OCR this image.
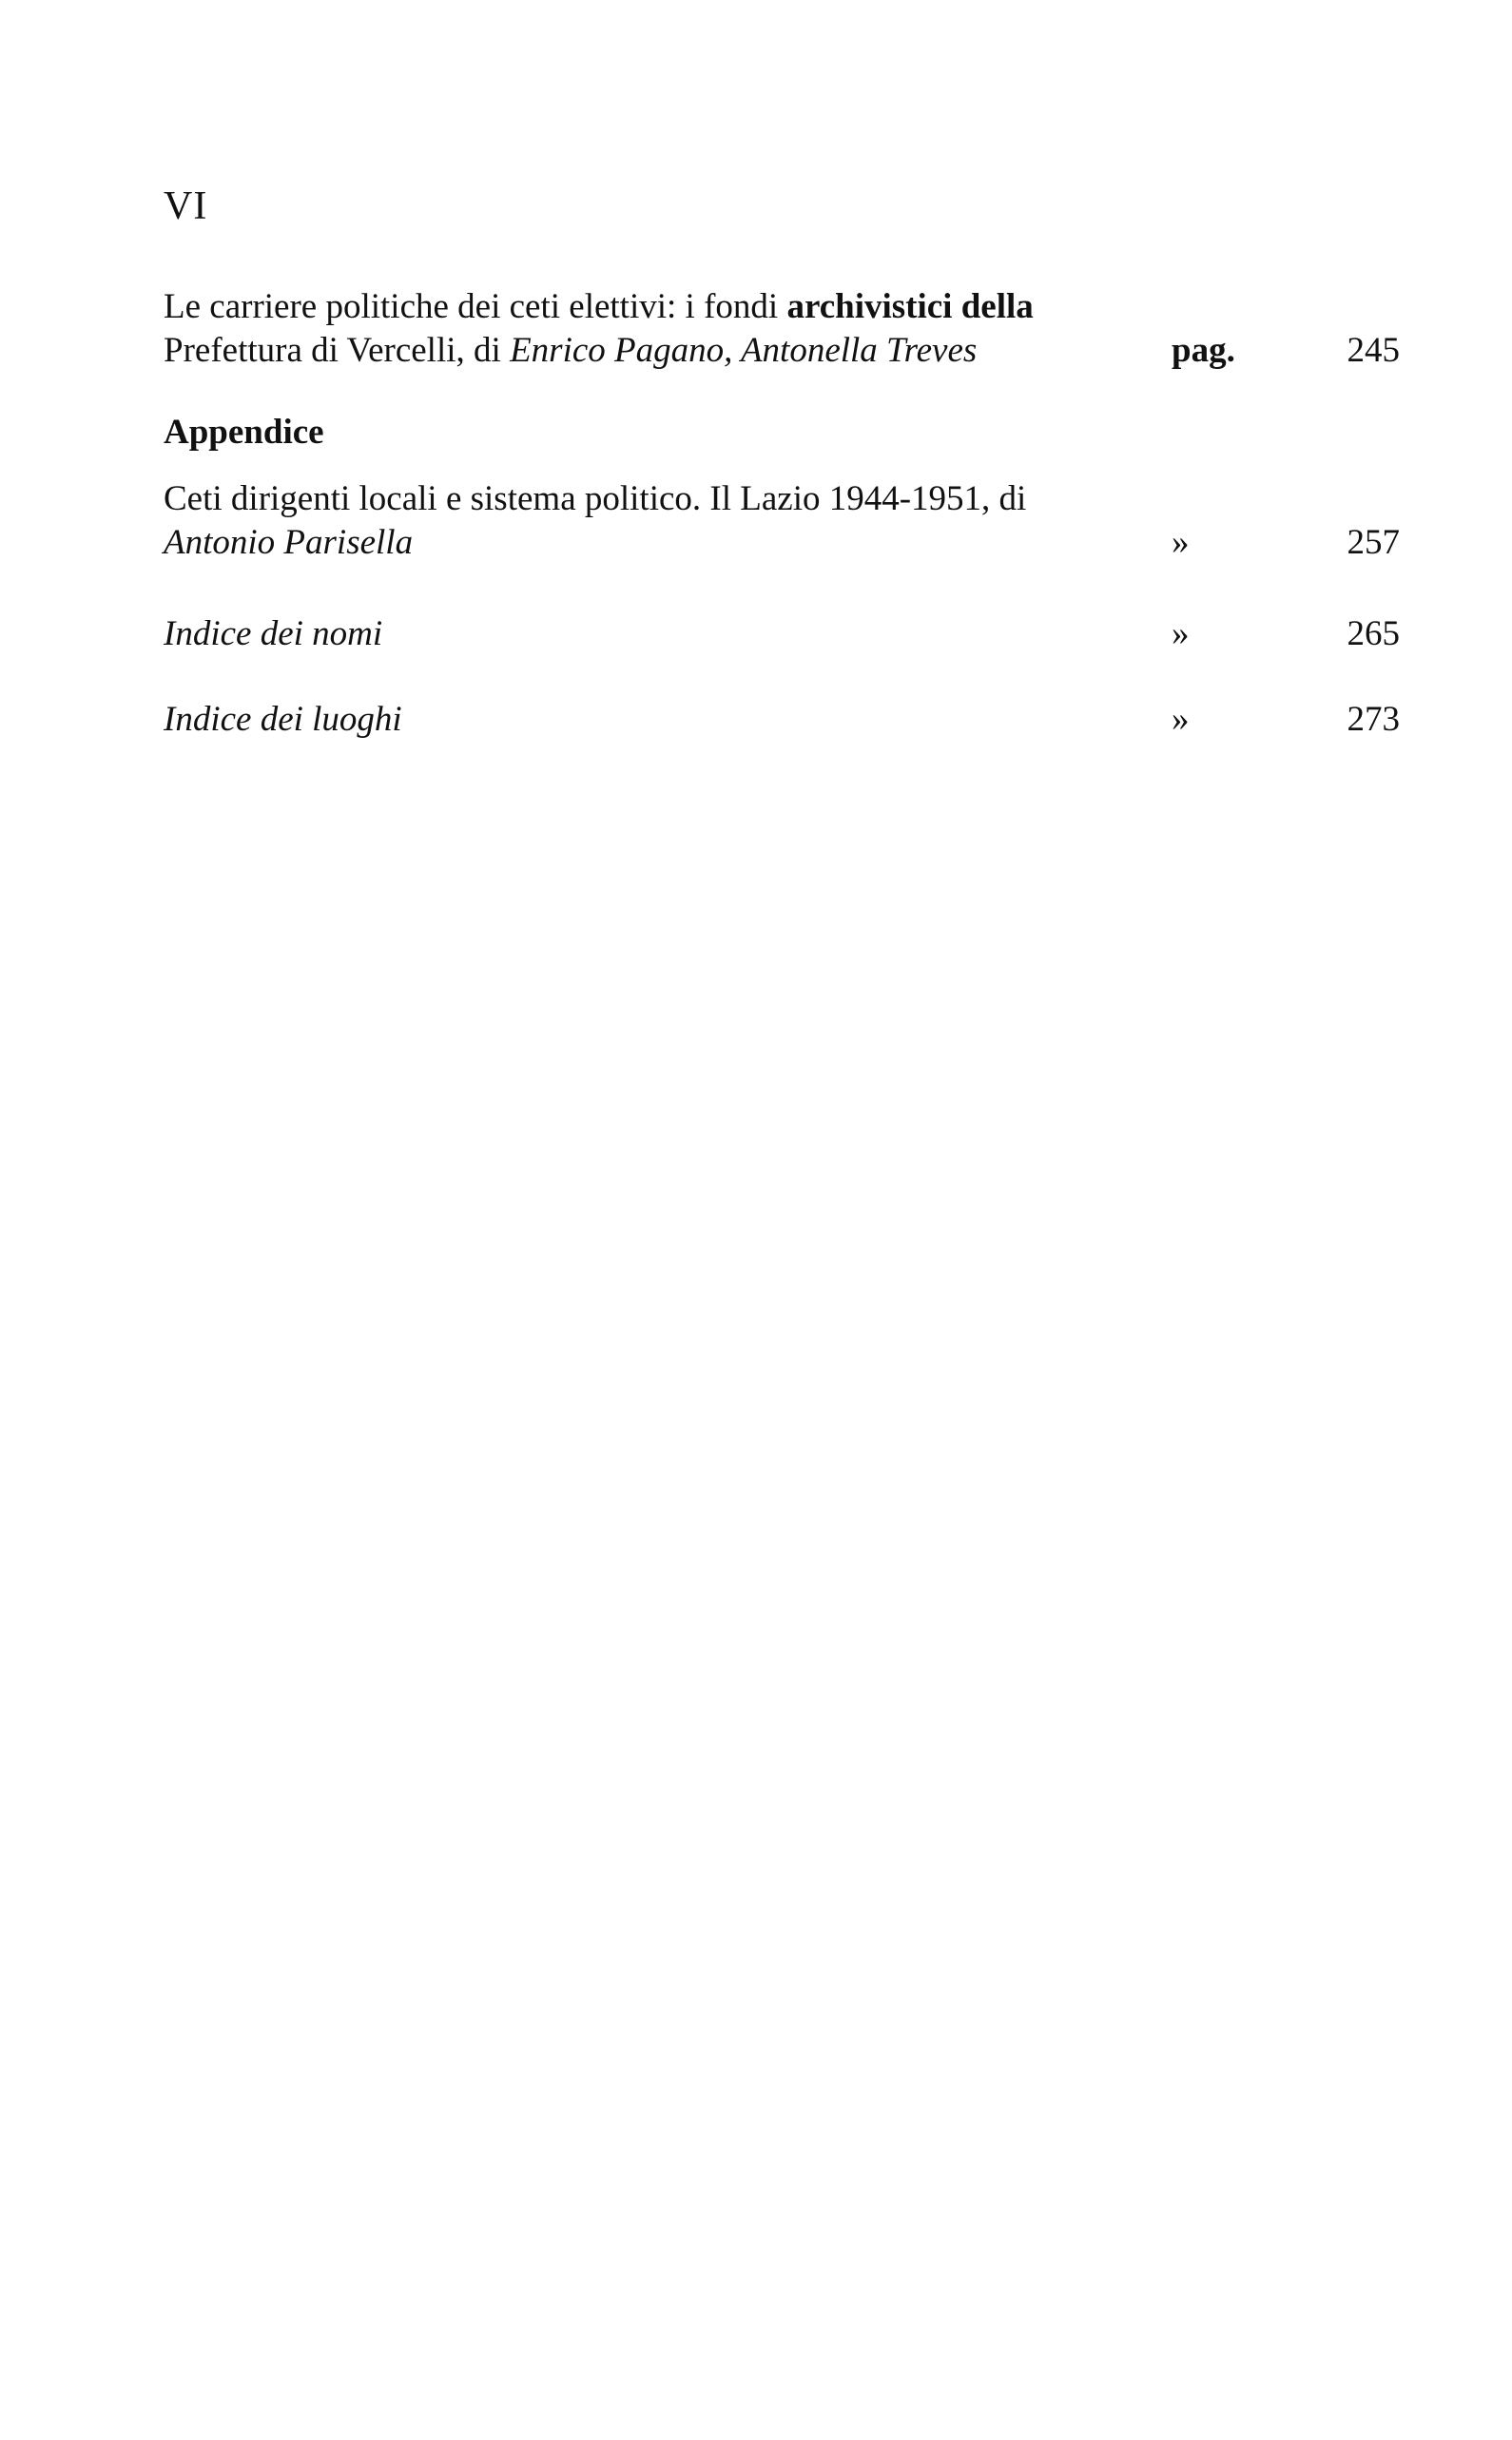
VI
Le carriere politiche dei ceti elettivi: i fondi archivistici della
Prefettura di Vercelli, di Enrico Pagano, Antonella Treves	pag.	245
Appendice
Ceti dirigenti locali e sistema politico. Il Lazio 1944-1951, di
Antonio Parisella	»	257
Indice dei nomi	»	265
Indice dei luoghi	»	273
